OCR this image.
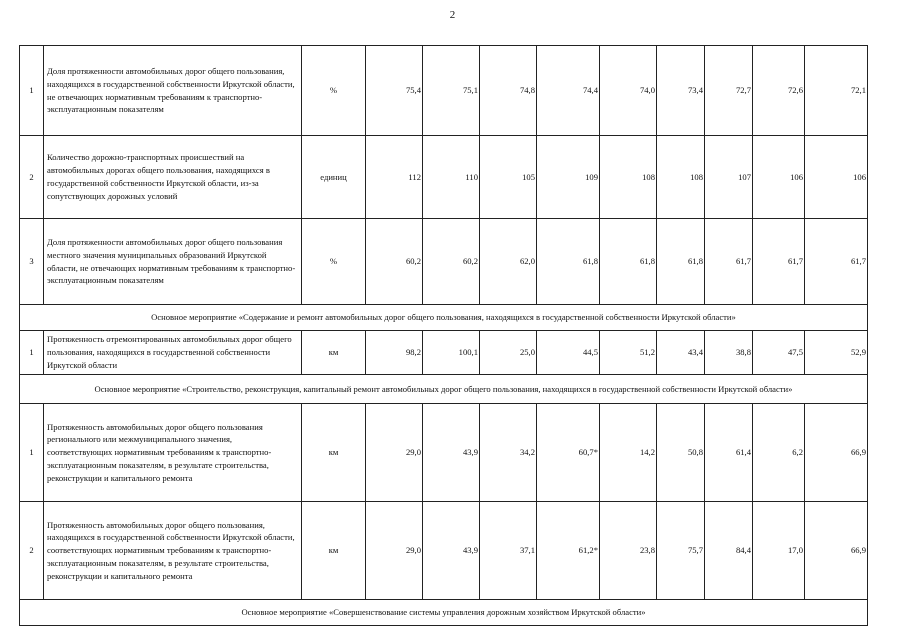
2
1	Доля протяженности автомобильных дорог общего пользования, находящихся в государственной собственности Иркутской области, не отвечающих нормативным требованиям к транспортно-эксплуатационным показателям	%	75,4	75,1	74,8	74,4	74,0	73,4	72,7	72,6	72,1
2	Количество дорожно-транспортных происшествий на автомобильных дорогах общего пользования, находящихся в государственной собственности Иркутской области, из-за сопутствующих дорожных условий	единиц	112	110	105	109	108	108	107	106	106
3	Доля протяженности автомобильных дорог общего пользования местного значения муниципальных образований Иркутской области, не отвечающих нормативным требованиям к транспортно-эксплуатационным показателям	%	60,2	60,2	62,0	61,8	61,8	61,8	61,7	61,7	61,7
Основное мероприятие «Содержание и ремонт автомобильных дорог общего пользования, находящихся в государственной собственности Иркутской области»											
1	Протяженность отремонтированных автомобильных дорог общего пользования, находящихся в государственной собственности Иркутской области	км	98,2	100,1	25,0	44,5	51,2	43,4	38,8	47,5	52,9
Основное мероприятие «Строительство, реконструкция, капитальный ремонт автомобильных дорог общего пользования, находящихся в государственной собственности Иркутской области»											
1	Протяженность автомобильных дорог общего пользования регионального или межмуниципального значения, соответствующих нормативным требованиям к транспортно-эксплуатационным показателям, в результате строительства, реконструкции и капитального ремонта	км	29,0	43,9	34,2	60,7*	14,2	50,8	61,4	6,2	66,9
2	Протяженность автомобильных дорог общего пользования, находящихся в государственной собственности Иркутской области, соответствующих нормативным требованиям к транспортно-эксплуатационным показателям, в результате строительства, реконструкции и капитального ремонта	км	29,0	43,9	37,1	61,2*	23,8	75,7	84,4	17,0	66,9
Основное мероприятие «Совершенствование системы управления дорожным хозяйством Иркутской области»											
